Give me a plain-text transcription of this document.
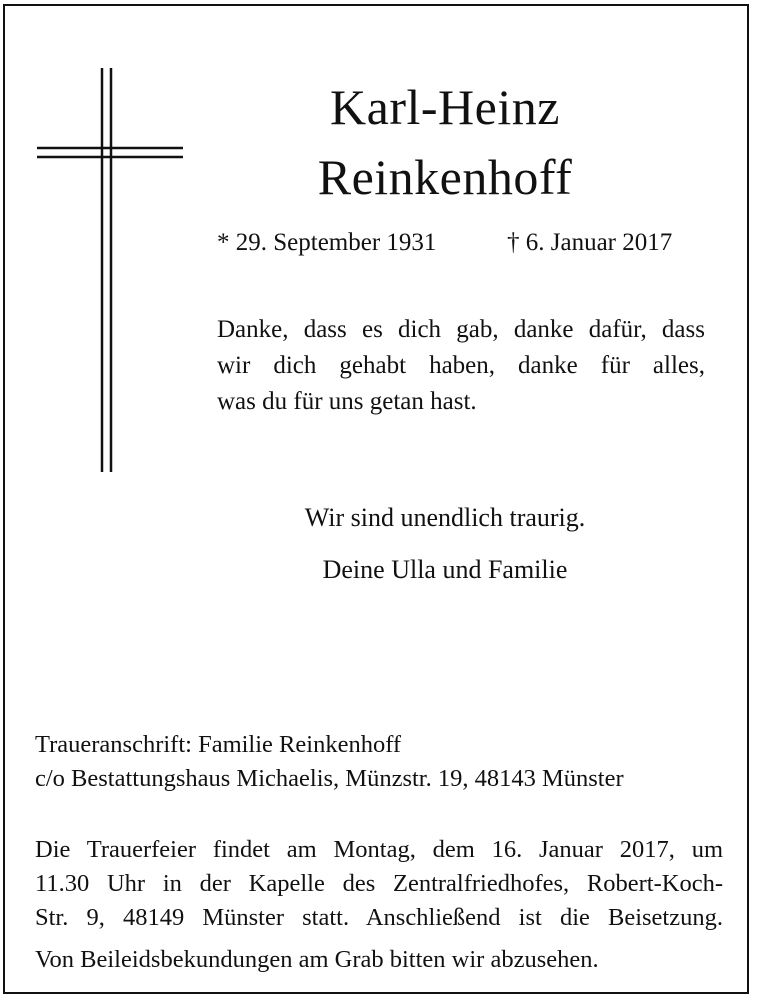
Karl-Heinz
Reinkenhoff
* 29. September 1931	† 6. Januar 2017
Danke, dass es dich gab, danke dafür, dass
wir dich gehabt haben, danke für alles,
was du für uns getan hast.
Wir sind unendlich traurig.
Deine Ulla und Familie
Traueranschrift: Familie Reinkenhoff
c/o Bestattungshaus Michaelis, Münzstr. 19, 48143 Münster
Die Trauerfeier findet am Montag, dem 16. Januar 2017, um
11.30 Uhr in der Kapelle des Zentralfriedhofes, Robert-Koch-
Str. 9, 48149 Münster statt. Anschließend ist die Beisetzung.
Von Beileidsbekundungen am Grab bitten wir abzusehen.
